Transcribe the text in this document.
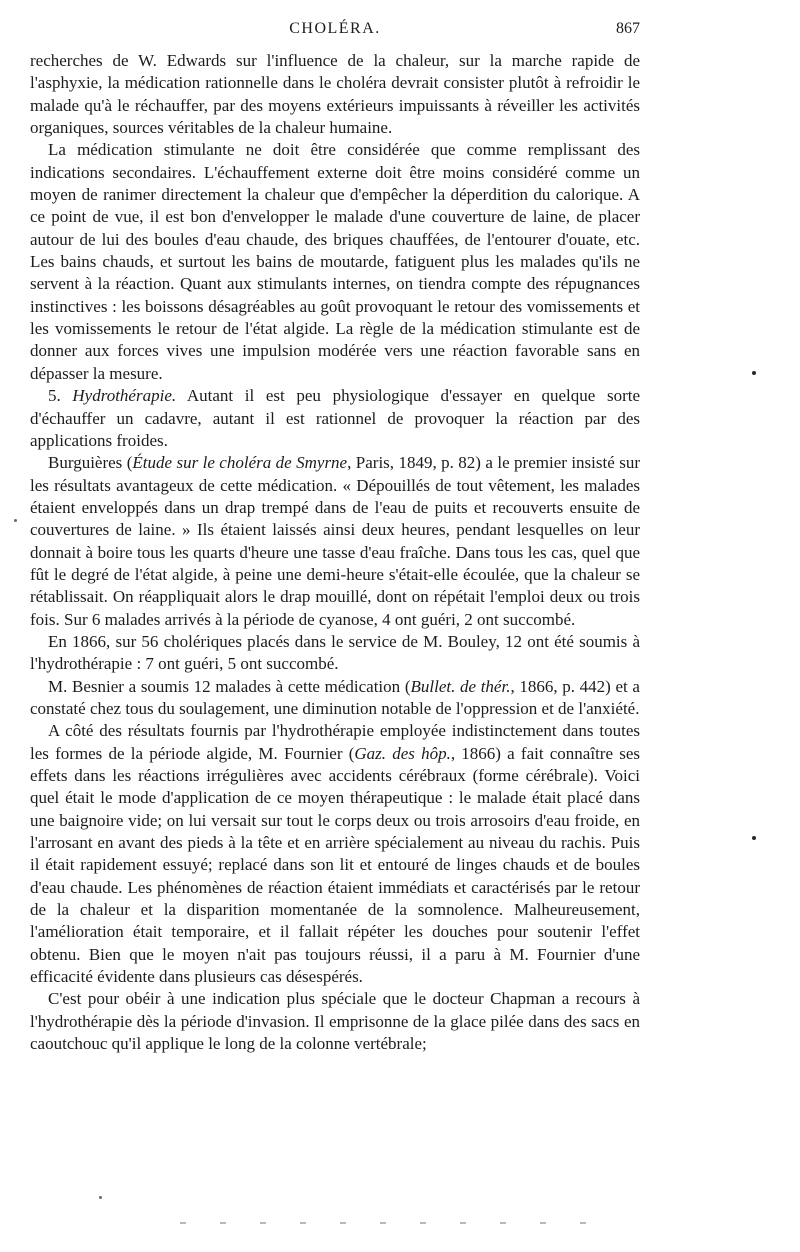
CHOLÉRA.	867

recherches de W. Edwards sur l'influence de la chaleur, sur la marche rapide de l'asphyxie, la médication rationnelle dans le choléra devrait consister plutôt à refroidir le malade qu'à le réchauffer, par des moyens extérieurs impuissants à réveiller les activités organiques, sources véritables de la chaleur humaine.

La médication stimulante ne doit être considérée que comme remplissant des indications secondaires. L'échauffement externe doit être moins considéré comme un moyen de ranimer directement la chaleur que d'empêcher la déperdition du calorique. A ce point de vue, il est bon d'envelopper le malade d'une couverture de laine, de placer autour de lui des boules d'eau chaude, des briques chauffées, de l'entourer d'ouate, etc. Les bains chauds, et surtout les bains de moutarde, fatiguent plus les malades qu'ils ne servent à la réaction. Quant aux stimulants internes, on tiendra compte des répugnances instinctives : les boissons désagréables au goût provoquant le retour des vomissements et les vomissements le retour de l'état algide. La règle de la médication stimulante est de donner aux forces vives une impulsion modérée vers une réaction favorable sans en dépasser la mesure.

5. Hydrothérapie. Autant il est peu physiologique d'essayer en quelque sorte d'échauffer un cadavre, autant il est rationnel de provoquer la réaction par des applications froides.

Burguières (Étude sur le choléra de Smyrne, Paris, 1849, p. 82) a le premier insisté sur les résultats avantageux de cette médication. « Dépouillés de tout vêtement, les malades étaient enveloppés dans un drap trempé dans de l'eau de puits et recouverts ensuite de couvertures de laine. » Ils étaient laissés ainsi deux heures, pendant lesquelles on leur donnait à boire tous les quarts d'heure une tasse d'eau fraîche. Dans tous les cas, quel que fût le degré de l'état algide, à peine une demi-heure s'était-elle écoulée, que la chaleur se rétablissait. On réappliquait alors le drap mouillé, dont on répétait l'emploi deux ou trois fois. Sur 6 malades arrivés à la période de cyanose, 4 ont guéri, 2 ont succombé.

En 1866, sur 56 cholériques placés dans le service de M. Bouley, 12 ont été soumis à l'hydrothérapie : 7 ont guéri, 5 ont succombé.

M. Besnier a soumis 12 malades à cette médication (Bullet. de thér., 1866, p. 442) et a constaté chez tous du soulagement, une diminution notable de l'oppression et de l'anxiété.

A côté des résultats fournis par l'hydrothérapie employée indistinctement dans toutes les formes de la période algide, M. Fournier (Gaz. des hôp., 1866) a fait connaître ses effets dans les réactions irrégulières avec accidents cérébraux (forme cérébrale). Voici quel était le mode d'application de ce moyen thérapeutique : le malade était placé dans une baignoire vide; on lui versait sur tout le corps deux ou trois arrosoirs d'eau froide, en l'arrosant en avant des pieds à la tête et en arrière spécialement au niveau du rachis. Puis il était rapidement essuyé; replacé dans son lit et entouré de linges chauds et de boules d'eau chaude. Les phénomènes de réaction étaient immédiats et caractérisés par le retour de la chaleur et la disparition momentanée de la somnolence. Malheureusement, l'amélioration était temporaire, et il fallait répéter les douches pour soutenir l'effet obtenu. Bien que le moyen n'ait pas toujours réussi, il a paru à M. Fournier d'une efficacité évidente dans plusieurs cas désespérés.

C'est pour obéir à une indication plus spéciale que le docteur Chapman a recours à l'hydrothérapie dès la période d'invasion. Il emprisonne de la glace pilée dans des sacs en caoutchouc qu'il applique le long de la colonne vertébrale;
